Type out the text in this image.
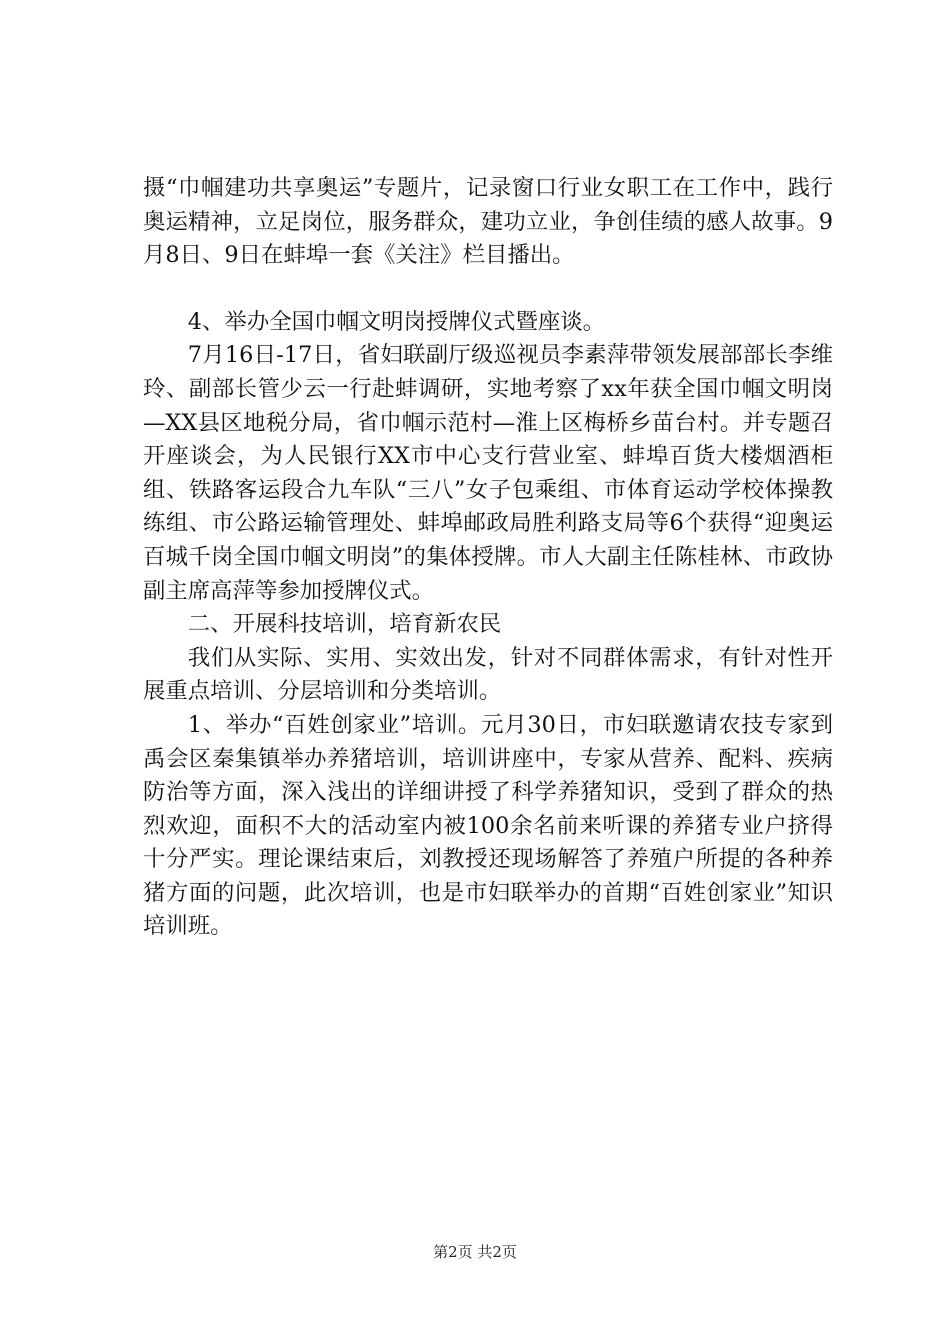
摄“巾帼建功共享奥运”专题片，记录窗口行业女职工在工作中，践行奥运精神，立足岗位，服务群众，建功立业，争创佳绩的感人故事。9月8日、9日在蚌埠一套《关注》栏目播出。

4、举办全国巾帼文明岗授牌仪式暨座谈。

7月16日-17日，省妇联副厅级巡视员李素萍带领发展部部长李维玲、副部长管少云一行赴蚌调研，实地考察了xx年获全国巾帼文明岗—XX县区地税分局，省巾帼示范村—淮上区梅桥乡苗台村。并专题召开座谈会，为人民银行XX市中心支行营业室、蚌埠百货大楼烟酒柜组、铁路客运段合九车队“三八”女子包乘组、市体育运动学校体操教练组、市公路运输管理处、蚌埠邮政局胜利路支局等6个获得“迎奥运百城千岗全国巾帼文明岗”的集体授牌。市人大副主任陈桂林、市政协副主席高萍等参加授牌仪式。

二、开展科技培训，培育新农民

我们从实际、实用、实效出发，针对不同群体需求，有针对性开展重点培训、分层培训和分类培训。

1、举办“百姓创家业”培训。元月30日，市妇联邀请农技专家到禹会区秦集镇举办养猪培训，培训讲座中，专家从营养、配料、疾病防治等方面，深入浅出的详细讲授了科学养猪知识，受到了群众的热烈欢迎，面积不大的活动室内被100余名前来听课的养猪专业户挤得十分严实。理论课结束后，刘教授还现场解答了养殖户所提的各种养猪方面的问题，此次培训，也是市妇联举办的首期“百姓创家业”知识培训班。

第2页 共2页
